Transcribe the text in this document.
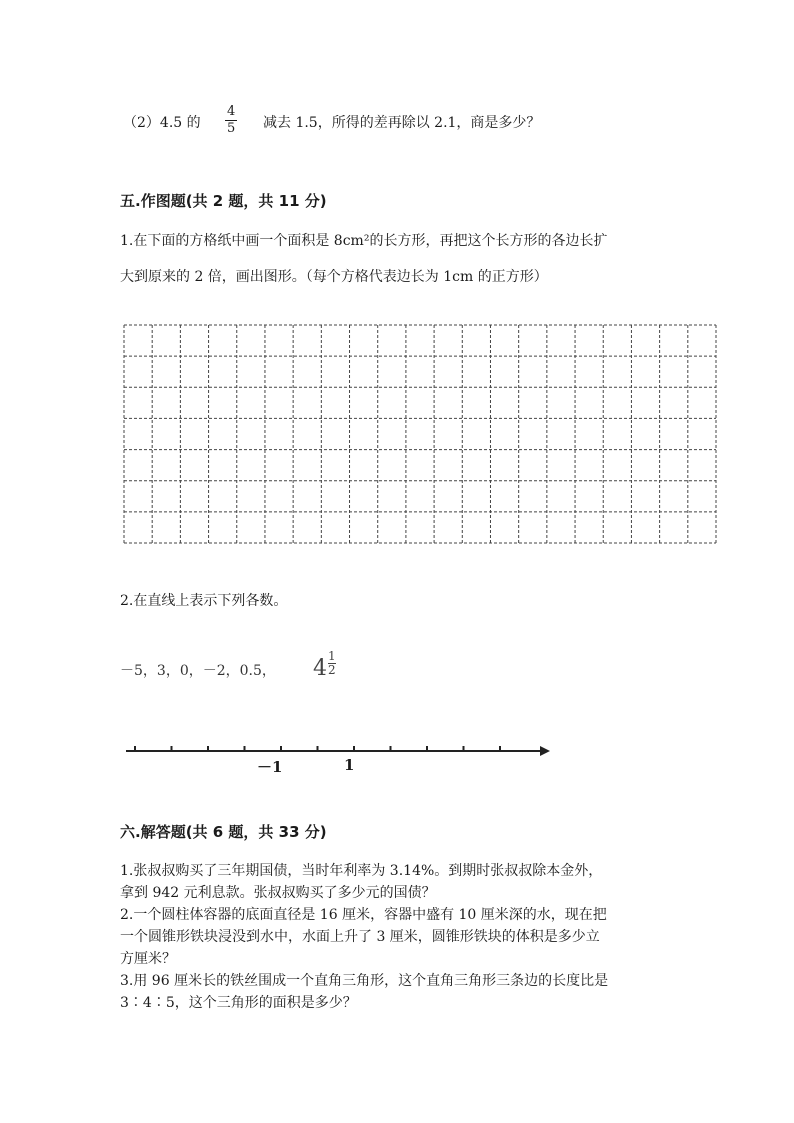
（2）4.5 的 $\frac{4}{5}$ 减去 1.5，所得的差再除以 2.1，商是多少？
五.作图题(共 2 题，共 11 分)
1.在下面的方格纸中画一个面积是 8cm²的长方形，再把这个长方形的各边长扩
大到原来的 2 倍，画出图形。（每个方格代表边长为 1cm 的正方形）
2.在直线上表示下列各数。
－5，3，0，－2，0.5， $4 \frac{1}{2}$
－1	1
六.解答题(共 6 题，共 33 分)
1.张叔叔购买了三年期国债，当时年利率为 3.14%。到期时张叔叔除本金外，
拿到 942 元利息款。张叔叔购买了多少元的国债？
2.一个圆柱体容器的底面直径是 16 厘米，容器中盛有 10 厘米深的水，现在把
一个圆锥形铁块浸没到水中，水面上升了 3 厘米，圆锥形铁块的体积是多少立
方厘米？
3.用 96 厘米长的铁丝围成一个直角三角形，这个直角三角形三条边的长度比是
3∶4∶5，这个三角形的面积是多少？
